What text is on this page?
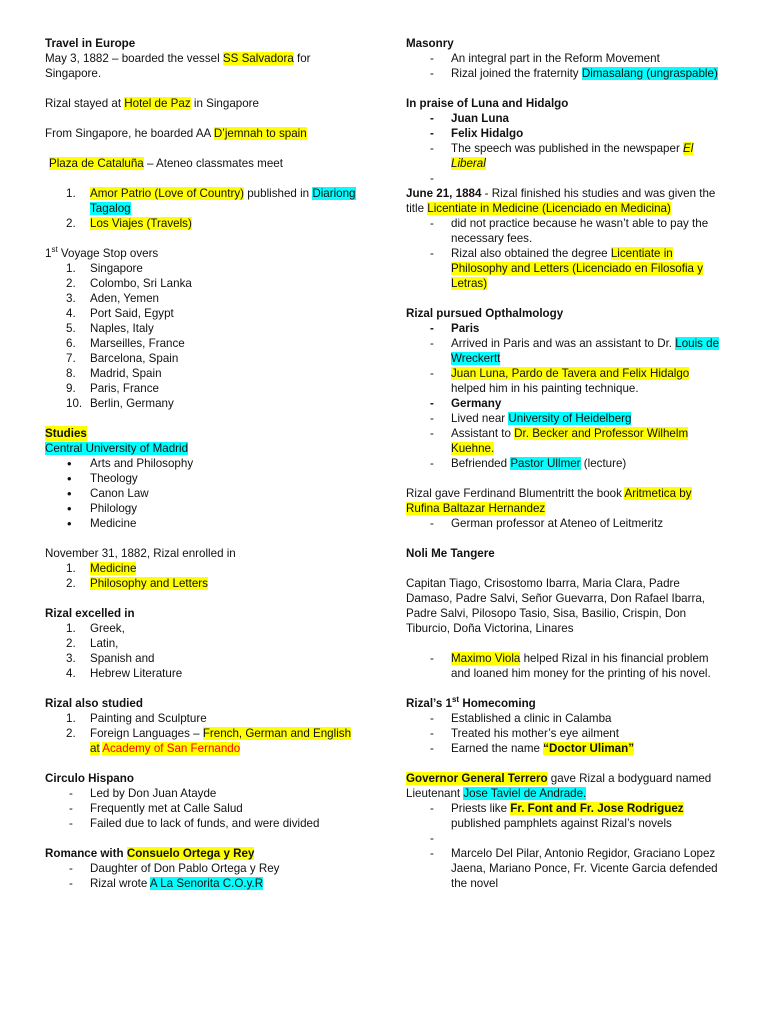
Travel in Europe

May 3, 1882 – boarded the vessel SS Salvadora for Singapore.

Rizal stayed at Hotel de Paz in Singapore

From Singapore, he boarded AA D’jemnah to spain

Plaza de Cataluña – Ateneo classmates meet

1. Amor Patrio (Love of Country) published in Diariong Tagalog
2. Los Viajes (Travels)

1st Voyage Stop overs

1. Singapore
2. Colombo, Sri Lanka
3. Aden, Yemen
4. Port Said, Egypt
5. Naples, Italy
6. Marseilles, France
7. Barcelona, Spain
8. Madrid, Spain
9. Paris, France
10. Berlin, Germany

Studies

Central University of Madrid

• Arts and Philosophy
• Theology
• Canon Law
• Philology
• Medicine

November 31, 1882, Rizal enrolled in

1. Medicine
2. Philosophy and Letters

Rizal excelled in

1. Greek,
2. Latin,
3. Spanish and
4. Hebrew Literature

Rizal also studied

1. Painting and Sculpture
2. Foreign Languages – French, German and English at Academy of San Fernando

Circulo Hispano

- Led by Don Juan Atayde
- Frequently met at Calle Salud
- Failed due to lack of funds, and were divided

Romance with Consuelo Ortega y Rey

- Daughter of Don Pablo Ortega y Rey
- Rizal wrote A La Senorita C.O.y.R

Masonry

- An integral part in the Reform Movement
- Rizal joined the fraternity Dimasalang (ungraspable)

In praise of Luna and Hidalgo

- Juan Luna
- Felix Hidalgo
- The speech was published in the newspaper El Liberal
-

June 21, 1884 - Rizal finished his studies and was given the title Licentiate in Medicine (Licenciado en Medicina)

- did not practice because he wasn’t able to pay the necessary fees.
- Rizal also obtained the degree Licentiate in Philosophy and Letters (Licenciado en Filosofia y Letras)

Rizal pursued Opthalmology

- Paris
- Arrived in Paris and was an assistant to Dr. Louis de Wreckertt
- Juan Luna, Pardo de Tavera and Felix Hidalgo helped him in his painting technique.
- Germany
- Lived near University of Heidelberg
- Assistant to Dr. Becker and Professor Wilhelm Kuehne.
- Befriended Pastor Ullmer (lecture)

Rizal gave Ferdinand Blumentritt the book Aritmetica by Rufina Baltazar Hernandez

- German professor at Ateneo of Leitmeritz

Noli Me Tangere

Capitan Tiago, Crisostomo Ibarra, Maria Clara, Padre Damaso, Padre Salvi, Señor Guevarra, Don Rafael Ibarra, Padre Salvi, Pilosopo Tasio, Sisa, Basilio, Crispin, Don Tiburcio, Doña Victorina, Linares

- Maximo Viola helped Rizal in his financial problem and loaned him money for the printing of his novel.

Rizal’s 1st Homecoming

- Established a clinic in Calamba
- Treated his mother’s eye ailment
- Earned the name “Doctor Uliman”

Governor General Terrero gave Rizal a bodyguard named Lieutenant Jose Taviel de Andrade.

- Priests like Fr. Font and Fr. Jose Rodriguez published pamphlets against Rizal’s novels
-
- Marcelo Del Pilar, Antonio Regidor, Graciano Lopez Jaena, Mariano Ponce, Fr. Vicente Garcia defended the novel
